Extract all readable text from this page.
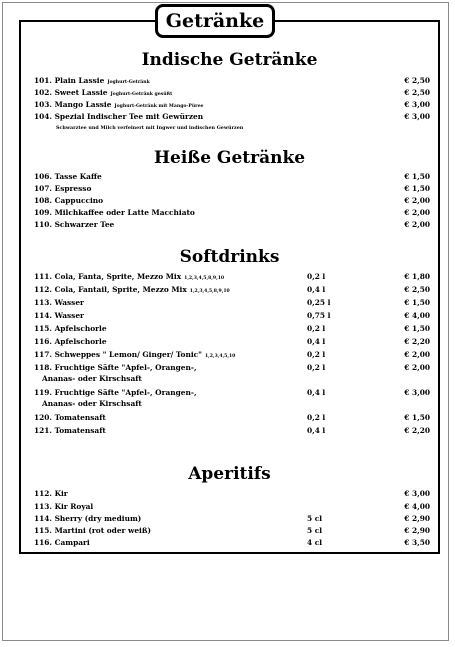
Getränke
Indische Getränke
101. Plain Lassie Joghurt-Getränk	€ 2,50
102. Sweet Lassie Joghurt-Getränk gesüßt	€ 2,50
103. Mango Lassie Joghurt-Getränk mit Mango-Püree	€ 3,00
104. Spezial Indischer Tee mit Gewürzen	€ 3,00
Schwarztee und Milch verfeinert mit Ingwer und indischen Gewürzen
Heiße Getränke
106. Tasse Kaffe	€ 1,50
107. Espresso	€ 1,50
108. Cappuccino	€ 2,00
109. Milchkaffee oder Latte Macchiato	€ 2,00
110. Schwarzer Tee	€ 2,00
Softdrinks
111. Cola, Fanta, Sprite, Mezzo Mix 1,2,3,4,5,8,9,10	0,2 l	€ 1,80
112. Cola, Fantail, Sprite, Mezzo Mix 1,2,3,4,5,8,9,10	0,4 l	€ 2,50
113. Wasser	0,25 l	€ 1,50
114. Wasser	0,75 l	€ 4,00
115. Apfelschorle	0,2 l	€ 1,50
116. Apfelschorle	0,4 l	€ 2,20
117. Schweppes " Lemon/ Ginger/ Tonic" 1,2,3,4,5,10	0,2 l	€ 2,00
118. Fruchtige Säfte "Apfel-, Orangen-,	0,2 l	€ 2,00
Ananas- oder Kirschsaft
119. Fruchtige Säfte "Apfel-, Orangen-,	0,4 l	€ 3,00
Ananas- oder Kirschsaft
120. Tomatensaft	0,2 l	€ 1,50
121. Tomatensaft	0,4 l	€ 2,20
Aperitifs
112. Kir	€ 3,00
113. Kir Royal	€ 4,00
114. Sherry (dry medium)	5 cl	€ 2,90
115. Martini (rot oder weiß)	5 cl	€ 2,90
116. Campari	4 cl	€ 3,50
